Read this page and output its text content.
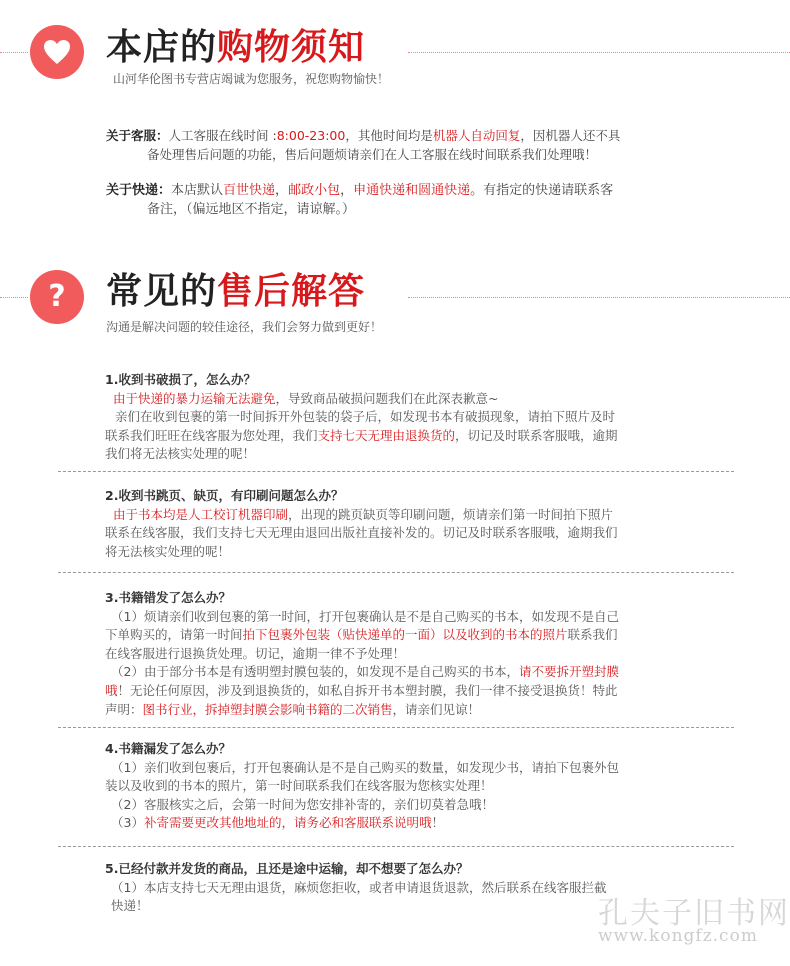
本店的购物须知
山河华伦图书专营店竭诚为您服务，祝您购物愉快！
关于客服：人工客服在线时间 :8:00-23:00，其他时间均是机器人自动回复，因机器人还不具
备处理售后问题的功能，售后问题烦请亲们在人工客服在线时间联系我们处理哦！
关于快递：本店默认百世快递，邮政小包，申通快递和圆通快递。有指定的快递请联系客
备注，（偏远地区不指定，请谅解。）
? 常见的售后解答
沟通是解决问题的较佳途径，我们会努力做到更好！
1.收到书破损了，怎么办？
由于快递的暴力运输无法避免，导致商品破损问题我们在此深表歉意~
亲们在收到包裹的第一时间拆开外包装的袋子后，如发现书本有破损现象，请拍下照片及时
联系我们旺旺在线客服为您处理，我们支持七天无理由退换货的，切记及时联系客服哦，逾期
我们将无法核实处理的呢！
2.收到书跳页、缺页，有印刷问题怎么办？
由于书本均是人工校订机器印刷，出现的跳页缺页等印刷问题，烦请亲们第一时间拍下照片
联系在线客服，我们支持七天无理由退回出版社直接补发的。切记及时联系客服哦，逾期我们
将无法核实处理的呢！
3.书籍错发了怎么办？
（1）烦请亲们收到包裹的第一时间，打开包裹确认是不是自己购买的书本，如发现不是自己
下单购买的，请第一时间拍下包裹外包装（贴快递单的一面）以及收到的书本的照片联系我们
在线客服进行退换货处理。切记，逾期一律不予处理！
（2）由于部分书本是有透明塑封膜包装的，如发现不是自己购买的书本，请不要拆开塑封膜
哦！无论任何原因，涉及到退换货的，如私自拆开书本塑封膜，我们一律不接受退换货！特此
声明：图书行业，拆掉塑封膜会影响书籍的二次销售，请亲们见谅！
4.书籍漏发了怎么办？
（1）亲们收到包裹后，打开包裹确认是不是自己购买的数量，如发现少书，请拍下包裹外包
装以及收到的书本的照片，第一时间联系我们在线客服为您核实处理！
（2）客服核实之后，会第一时间为您安排补寄的，亲们切莫着急哦！
（3）补寄需要更改其他地址的，请务必和客服联系说明哦！
5.已经付款并发货的商品，且还是途中运输，却不想要了怎么办？
（1）本店支持七天无理由退货，麻烦您拒收，或者申请退货退款，然后联系在线客服拦截
快递！	孔夫子旧书网
www.kongfz.com
